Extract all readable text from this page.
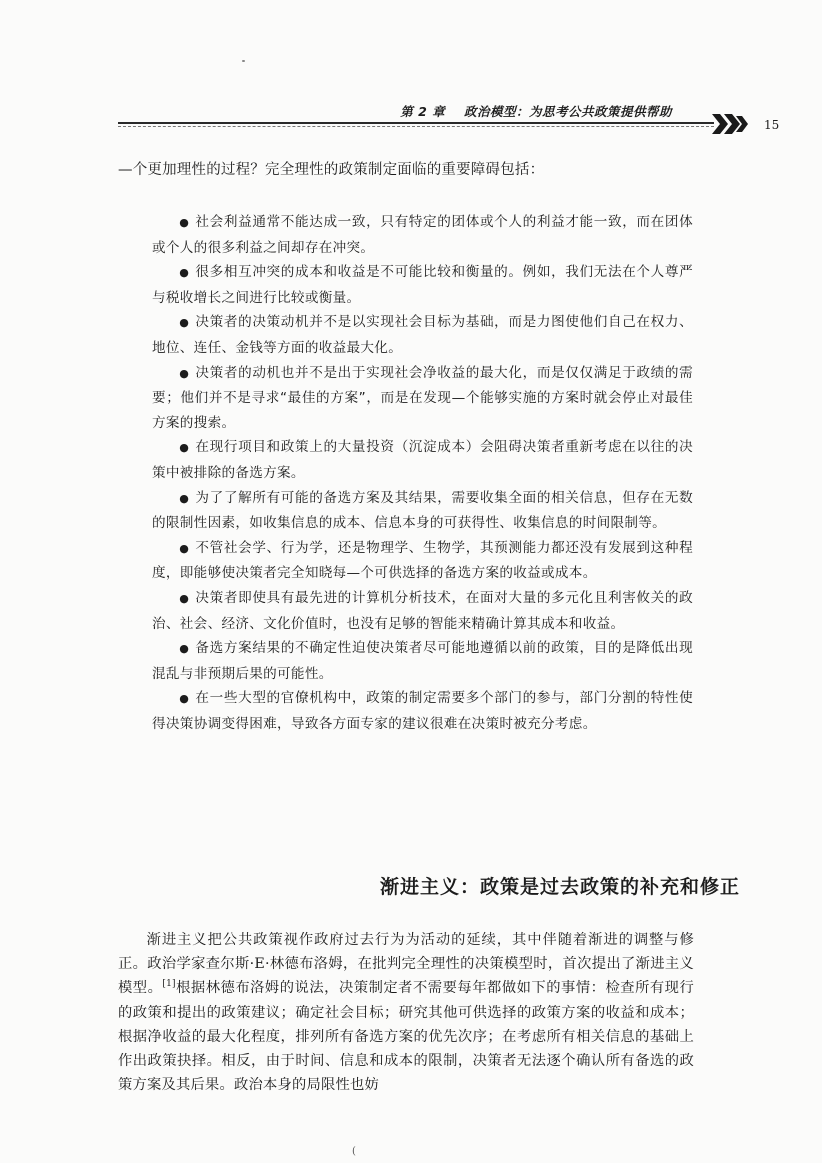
第 2 章 政治模型：为思考公共政策提供帮助
15
—个更加理性的过程？完全理性的政策制定面临的重要障碍包括：
● 社会利益通常不能达成一致，只有特定的团体或个人的利益才能一致，而在团体或个人的很多利益之间却存在冲突。
● 很多相互冲突的成本和收益是不可能比较和衡量的。例如，我们无法在个人尊严与税收增长之间进行比较或衡量。
● 决策者的决策动机并不是以实现社会目标为基础，而是力图使他们自己在权力、地位、连任、金钱等方面的收益最大化。
● 决策者的动机也并不是出于实现社会净收益的最大化，而是仅仅满足于政绩的需要；他们并不是寻求“最佳的方案”，而是在发现—个能够实施的方案时就会停止对最佳方案的搜索。
● 在现行项目和政策上的大量投资（沉淀成本）会阻碍决策者重新考虑在以往的决策中被排除的备选方案。
● 为了了解所有可能的备选方案及其结果，需要收集全面的相关信息，但存在无数的限制性因素，如收集信息的成本、信息本身的可获得性、收集信息的时间限制等。
● 不管社会学、行为学，还是物理学、生物学，其预测能力都还没有发展到这种程度，即能够使决策者完全知晓每—个可供选择的备选方案的收益或成本。
● 决策者即使具有最先进的计算机分析技术，在面对大量的多元化且利害攸关的政治、社会、经济、文化价值时，也没有足够的智能来精确计算其成本和收益。
● 备选方案结果的不确定性迫使决策者尽可能地遵循以前的政策，目的是降低出现混乱与非预期后果的可能性。
● 在一些大型的官僚机构中，政策的制定需要多个部门的参与，部门分割的特性使得决策协调变得困难，导致各方面专家的建议很难在决策时被充分考虑。
渐进主义：政策是过去政策的补充和修正

渐进主义把公共政策视作政府过去行为为活动的延续，其中伴随着渐进的调整与修正。政治学家查尔斯·E·林德布洛姆，在批判完全理性的决策模型时，首次提出了渐进主义模型。[1]根据林德布洛姆的说法，决策制定者不需要每年都做如下的事情：检查所有现行的政策和提出的政策建议；确定社会目标；研究其他可供选择的政策方案的收益和成本；根据净收益的最大化程度，排列所有备选方案的优先次序；在考虑所有相关信息的基础上作出政策抉择。相反，由于时间、信息和成本的限制，决策者无法逐个确认所有备选的政策方案及其后果。政治本身的局限性也妨

(
